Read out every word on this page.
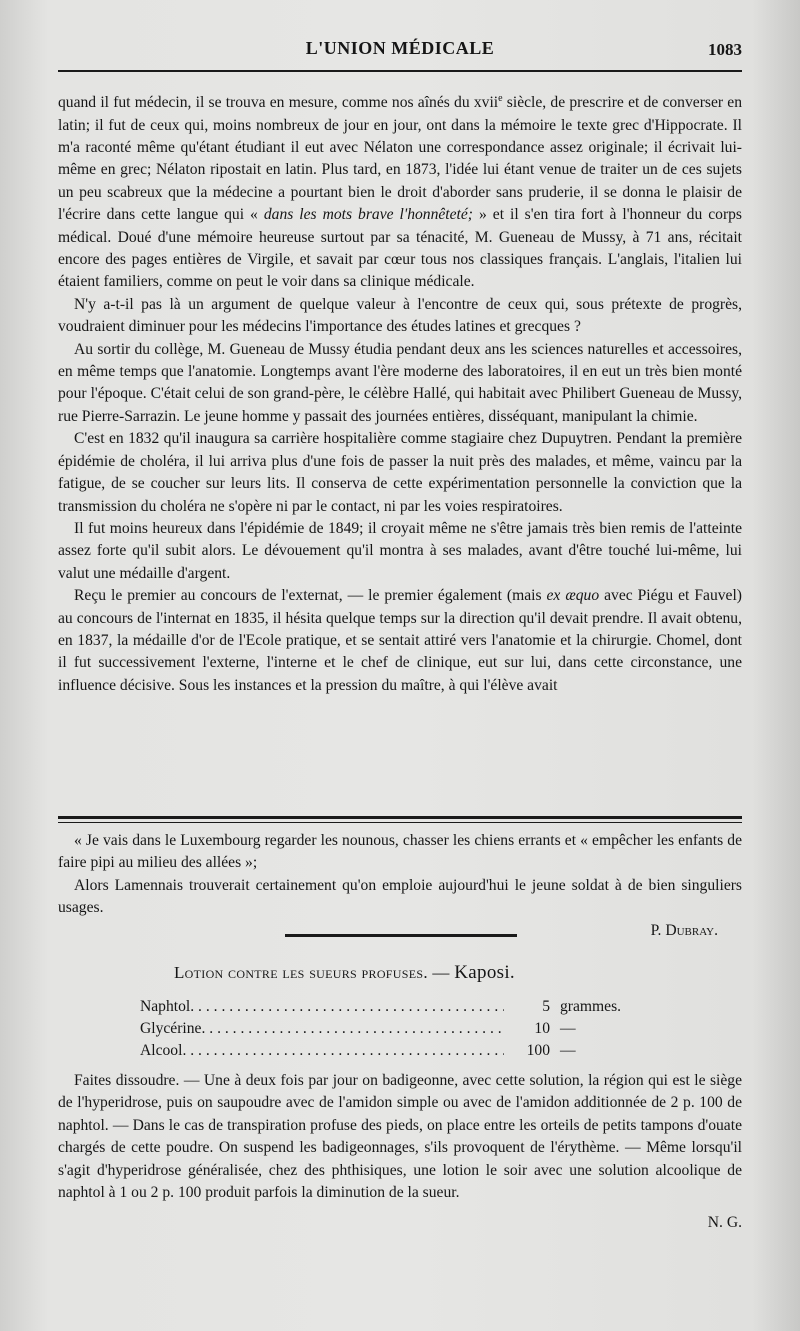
L'UNION MÉDICALE	1083

quand il fut médecin, il se trouva en mesure, comme nos aînés du xvii$^e$ siècle, de prescrire et de converser en latin; il fut de ceux qui, moins nombreux de jour en jour, ont dans la mémoire le texte grec d'Hippocrate. Il m'a raconté même qu'étant étudiant il eut avec Nélaton une correspondance assez originale; il écrivait lui-même en grec; Nélaton ripostait en latin. Plus tard, en 1873, l'idée lui étant venue de traiter un de ces sujets un peu scabreux que la médecine a pourtant bien le droit d'aborder sans pruderie, il se donna le plaisir de l'écrire dans cette langue qui « dans les mots brave l'honnêteté; » et il s'en tira fort à l'honneur du corps médical. Doué d'une mémoire heureuse surtout par sa ténacité, M. Gueneau de Mussy, à 71 ans, récitait encore des pages entières de Virgile, et savait par cœur tous nos classiques français. L'anglais, l'italien lui étaient familiers, comme on peut le voir dans sa clinique médicale.

N'y a-t-il pas là un argument de quelque valeur à l'encontre de ceux qui, sous prétexte de progrès, voudraient diminuer pour les médecins l'importance des études latines et grecques ?

Au sortir du collège, M. Gueneau de Mussy étudia pendant deux ans les sciences naturelles et accessoires, en même temps que l'anatomie. Longtemps avant l'ère moderne des laboratoires, il en eut un très bien monté pour l'époque. C'était celui de son grand-père, le célèbre Hallé, qui habitait avec Philibert Gueneau de Mussy, rue Pierre-Sarrazin. Le jeune homme y passait des journées entières, disséquant, manipulant la chimie.

C'est en 1832 qu'il inaugura sa carrière hospitalière comme stagiaire chez Dupuytren. Pendant la première épidémie de choléra, il lui arriva plus d'une fois de passer la nuit près des malades, et même, vaincu par la fatigue, de se coucher sur leurs lits. Il conserva de cette expérimentation personnelle la conviction que la transmission du choléra ne s'opère ni par le contact, ni par les voies respiratoires.

Il fut moins heureux dans l'épidémie de 1849; il croyait même ne s'être jamais très bien remis de l'atteinte assez forte qu'il subit alors. Le dévouement qu'il montra à ses malades, avant d'être touché lui-même, lui valut une médaille d'argent.

Reçu le premier au concours de l'externat, — le premier également (mais ex æquo avec Piégu et Fauvel) au concours de l'internat en 1835, il hésita quelque temps sur la direction qu'il devait prendre. Il avait obtenu, en 1837, la médaille d'or de l'Ecole pratique, et se sentait attiré vers l'anatomie et la chirurgie. Chomel, dont il fut successivement l'externe, l'interne et le chef de clinique, eut sur lui, dans cette circonstance, une influence décisive. Sous les instances et la pression du maître, à qui l'élève avait

« Je vais dans le Luxembourg regarder les nounous, chasser les chiens errants et « empêcher les enfants de faire pipi au milieu des allées »;

Alors Lamennais trouverait certainement qu'on emploie aujourd'hui le jeune soldat à de bien singuliers usages.

P. Dubray.
Lotion contre les sueurs profuses. — Kaposi.
Naphtol . . .	5 grammes.
Glycérine . . .	10 —
Alcool . . .	100 —

Faites dissoudre. — Une à deux fois par jour on badigeonne, avec cette solution, la région qui est le siège de l'hyperidrose, puis on saupoudre avec de l'amidon simple ou avec de l'amidon additionnée de 2 p. 100 de naphtol. — Dans le cas de transpiration profuse des pieds, on place entre les orteils de petits tampons d'ouate chargés de cette poudre. On suspend les badigeonnages, s'ils provoquent de l'érythème. — Même lorsqu'il s'agit d'hyperidrose généralisée, chez des phthisiques, une lotion le soir avec une solution alcoolique de naphtol à 1 ou 2 p. 100 produit parfois la diminution de la sueur.

N. G.
